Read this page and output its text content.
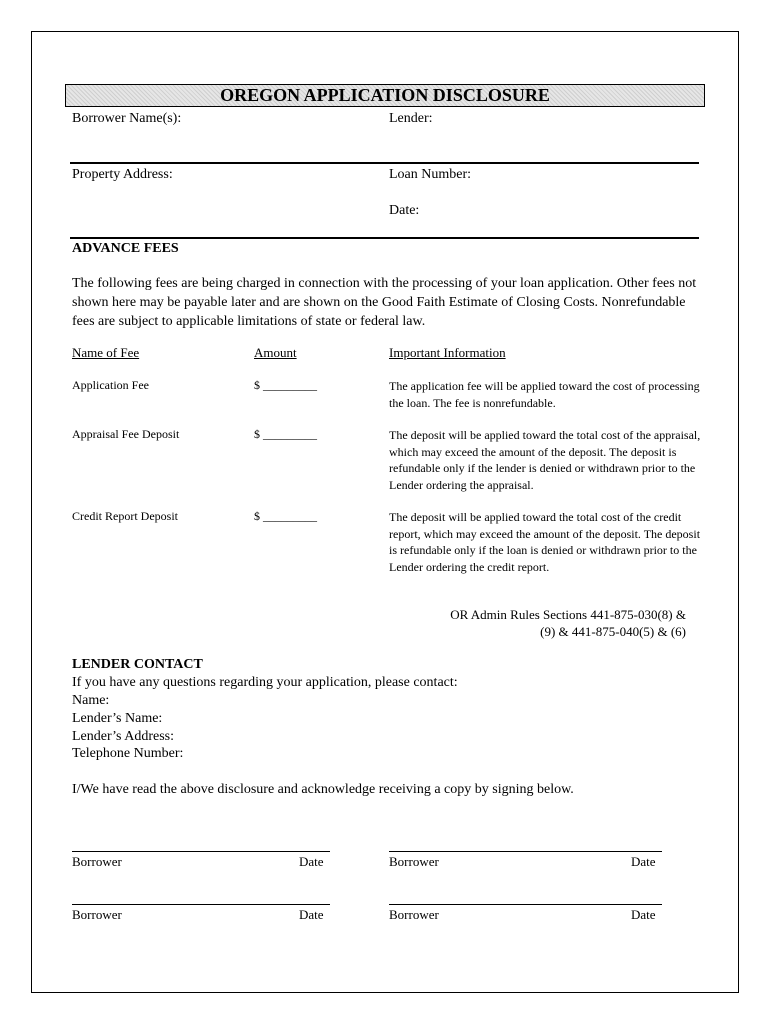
OREGON APPLICATION DISCLOSURE
Borrower Name(s):	Lender:
Property Address:	Loan Number:
Date:
ADVANCE FEES
The following fees are being charged in connection with the processing of your loan application. Other fees not shown here may be payable later and are shown on the Good Faith Estimate of Closing Costs. Nonrefundable fees are subject to applicable limitations of state or federal law.
Name of Fee	Amount	Important Information
Application Fee	$ _________	The application fee will be applied toward the cost of processing the loan. The fee is nonrefundable.
Appraisal Fee Deposit	$ _________	The deposit will be applied toward the total cost of the appraisal, which may exceed the amount of the deposit. The deposit is refundable only if the lender is denied or withdrawn prior to the Lender ordering the appraisal.
Credit Report Deposit	$ _________	The deposit will be applied toward the total cost of the credit report, which may exceed the amount of the deposit. The deposit is refundable only if the loan is denied or withdrawn prior to the Lender ordering the credit report.
OR Admin Rules Sections 441-875-030(8) &
(9) & 441-875-040(5) & (6)
LENDER CONTACT
If you have any questions regarding your application, please contact:
Name:
Lender’s Name:
Lender’s Address:
Telephone Number:
I/We have read the above disclosure and acknowledge receiving a copy by signing below.
Borrower	Date	Borrower	Date
Borrower	Date	Borrower	Date
